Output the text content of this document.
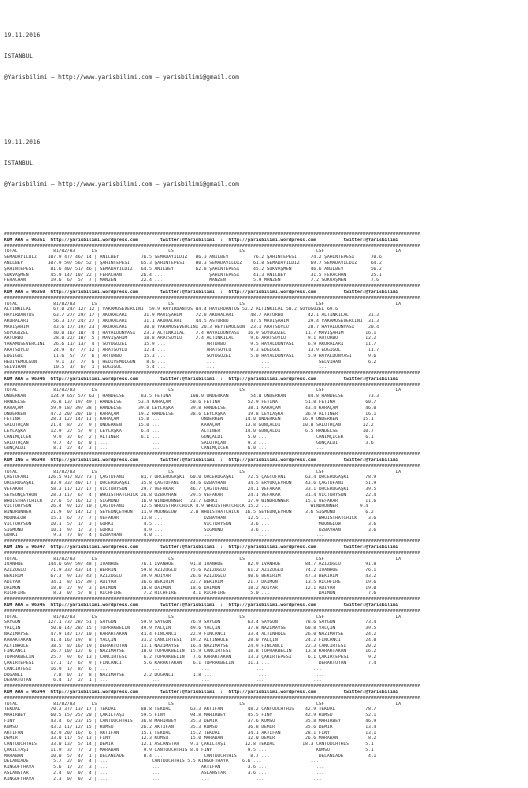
19.11.2016

İSTANBUL

@Yarisbilimi — http://www.yarisbilimi.com — yarisbilimi@gmail.com

19.11.2016

İSTANBUL

@Yarisbilimi — http://www.yarisbilimi.com — yarisbilimi@gmail.com

########################################################################################################################################################
KUM ARA = 96351  http://yarisbilimi.wordpress.com        twitter:@Yarisbilimi  :  http://yarisbilimi.wordpress.com          twitter:@Yarisbilimi
########################################################################################################################################################
TOTAL             81/82/83      LS                          LS                        LS                          LSF                          LA
SEMADAYILDIZ    107.9 47/ 46/ 14 | ANILBEY        76.5 SEMADAYILDIZ   86.3 ANILBEY         76.2 ŞAHİNTEPESİ     74.2 ŞAHİNTEPESİ      70.6
ANILBEY         107.9 59/ 56/ 52 | ŞAHİNTEPESİ    65.3 ŞAHİNTEPESİ    80.3 SEMADAYILDIZ    61.8 SEMADAYILDIZ    69.7 SEMADAYILDIZ     64.2
ŞAHİNTEPESİ      81.6 40/ 51/ 46 | SEMADAYILDIZ   64.5 ANILBEY        62.8 ŞAHİNTEPESİ     45.2 SOKVAŞMEN       46.6 ANILBEY          56.2
SOKVAŞMEN        45.9 14/ 10/ 22 | FERACHAN       26.4 ...                 ŞAHİNTEPESİ     41.3 ANILBEY         31.5 FERACHAN         25.1
FERACHAN         19.6  6/  5/  7 | MANZEN         22.4 ...                 MANZEN          5.9 MANZEN           7.2 SOKVAŞMEN         7.6
########################################################################################################################################################
KUM ARA = 96350  http://yarisbilimi.wordpress.com        twitter:@Yarisbilimi  :  http://yarisbilimi.wordpress.com          twitter:@Yarisbilimi
########################################################################################################################################################
TOTAL             81/82/83      LS                          LS                        LS                          LSF                          LA
ALTINKILAL        67.0 24/ 12/ 12 | YAKAMUSEVERCİNİ  59.9 HAYIRDANTUS 84.4 HAYIRDANTUS 52.2 ALTINKILAL 58.2 SOYOGUZEL 69.6
HAYIRDANTUS       63.7 27/ 29/ 17 | AKURALARI      31.9 MAVİŞAHİM     72.8 AKURALARI      48.7 ARTURBO         42.1 ALTINKILAL       31.3
AKURALARI         56.3 17/ 24/ 27 | AKURALARI      31.1 AKURALARI     44.5 ASTURBO        47.5 MAVİŞAHİM       29.4 YAKAMUSEVERCİNİ  31.3
MAVİŞAHİM         43.6 17/ 19/ 23 | AKURALARI      30.0 YAKAMUSEVERCİNİ 20.3 HEYTEMOLGUN  23.1 ARATSOYLU       28.7 HAYALDUNYASI     20.4
SOYOGUZEL         40.0 16/ 10/  4 | HAYALDUNYASI   23.3 ALTINKILAL    7.4 HAYALDUNYASI   16.9 SOYOGUZEL       11.7 MAVİŞAHİM        16.1
ARTURBO           28.0 22/ 18/  5 | MAVİŞAHİM      18.8 ARATSOYLU     7.4 ALTINKILAL      9.6 ARATSOYLU        9.1 ARTURBO          12.2
YAKAMUSEVERCİNİ   26.6 11/ 13/  4 | SOYOGUZEL      15.9 ...               ARTURBO         9.5 HAYALDUNYASI     6.9 AKURALARI        11.7
ARATSOYLU         24.9  4/  7/ 12 | ARATSOYLU      12.4 ...               ARATSOYLU       9.3 EDGIGUL          13.9 EDGIGUL          11.7
EDGIGUL           11.6  5/  7/  6 | ARTURBO        15.3 ...               SOYOGUZEL       5.0 HAYALDUNYASI     5.9 HAYALDUNYASI      9.6
HEDIYEMOLGUN       9.1  3/  7/  6 | HEDIYEMOLGUN    8.6 ...               ...                 ...                  SELVIHAN          6.2
SELVIHAN          10.5  3/  6/  1 | EDGIGUL         5.4 ...               ...                 ...                  ...
########################################################################################################################################################
KUM ARA = 96346  http://yarisbilimi.wordpress.com        twitter:@Yarisbilimi  :  http://yarisbilimi.wordpress.com          twitter:@Yarisbilimi
########################################################################################################################################################
TOTAL             81/82/83      LS                          LS                        LS                          LSF                          LA
ÖNDERKAN         124.9 65/ 57/ 63 | HANDELSE      83.5 FETİNA       100.0 ÖNDERKAN        54.0 ÖNDERKAN        84.8 HANDELSE         73.3
HANDELSE         76.8 13/ 19/ 49 | HANDELSE      53.4 KARAÇAM       50.6 FETİNA          52.9 FETİNA          51.0 FETİNA           60.7
KARAÇAM          59.9 18/ 39/ 38 | HANDELSE      39.8 LEYLAŞKA      39.8 HANDELSE        38.1 KARAÇAM         43.4 KARAÇAM          46.0
ÖNDERKEN         47.2 20/ 20/ 10 | KARAÇAM       19.2 HANDELSE      38.6 LEYLAŞKA        19.8 LEYLAŞKA        36.9 ALTINER          16.1
FETİNA           28.3 12/ 14/ 11 | KARAÇAM       15.8 ...               ÖNDERKEN        14.0 ÖNDERKEN        16.9 ÖNDERKEN         15.1
SALUTRÇAN        21.4  8/  2/  9 | ÖNDERKEN      15.0 ...               KARAÇAM         13.8 GÜNÇALDI        10.8 SALUTRÇAN        12.2
LEYLAŞKA         12.9  2/  5/  9 | LEYLAŞKA       6.4 ...               ALTINER         14.0 GÜNÇALDI         6.5 HANDELSE         10.7
CANIMÇİCEK        9.9  3/  6/  2 | ALTINER        6.1 ...               GÜNÇALDI         5.0 ...                  CANIMÇİCEK        6.1
SALUTRÇAN         9.7  4/  6/  0 | ...                ...               SALUTRÇAN        9.3 ...                  GÜNÇALDI          3.6
GÜNÇALDI          8.1  2/  4/  3 | ...                ...               CANIMÇİCEK       6.0 ...                  ...
########################################################################################################################################################
KUM ING = 96348  http://yarisbilimi.wordpress.com        twitter:@Yarisbilimi  :  http://yarisbilimi.wordpress.com          twitter:@Yarisbilimi
########################################################################################################################################################
TOTAL             81/82/83      LS                          LS                        LS                          LSF                          LA
ÇAĞTUFANI       126.5 91/ 82/ 73 | ÇAĞTUFANI      81.7 ÖRCERUGAŞKI  60.0 ÖRCERUGAŞKI     72.5 ÇAĞTUFANI       63.4 ÖRCERUGAŞKI      78.9
ÖRCERUGAŞKI      83.9 33/ 40/ 17 | ÖRCERUGAŞKI    35.8 ÇAĞTUFANI    44.6 OZBAYHAN        34.5 ERYUKÇEYHUN     43.6 ÇAĞTUFANI        51.9
VEFAKAR          58.3 11/ 12/ 17 | VICTORYSON     29.7 VEFAKAR      46.7 ÇAĞTUFANI       24.1 VEFAKAR         33.1 ÖRCERUGAŞKI      39.5
SEYEUNÇEYHUN     28.3 11/  6/  4 | WHOISTHATCHICK 26.8 OZBAYHAN     29.5 VEFAKAR         24.1 VEFAKAR         31.4 VICTORYSON       22.4
WHOISTHATCHICK   27.6  5/ 16/ 12 | SIGMUND        16.9 WINDRUNNER   23.7 GORKI           17.9 WINDRUNNER      15.1 VEFAKAR          11.6
VICTORYSON       26.4  9/ 12/ 10 | ÇAĞTUFANI      12.5 WHOISTHATCHICK 4.9 WHOISTHATCHICK 15.2 ...               WINDRUNNER        9.4
WINDRUNNER       21.9  0/ 14/ 12 | SEYEUNÇEYHUN   11.9 MOONGLOW     2.0 WHOISTHATCHICK  16.5 SEYEUNÇEYHUN     3.6 SIGMUND           6.2
MOONGLOW         15.1  6/  7/  7 | VEFAKAR        11.8 ...               OZBAYHAN        12.5 ...                  WHOISTHATCHICK    3.6
VICTORYSON       10.1  5/  1/  3 | GORKI           4.5 ...               VICTORYSON       3.6 ...                  MOONGLOW          3.6
SIGMUND          10.1  9/  1/  3 | GORKI           4.9 ...               SIGMUND          3.6 ...                  OZBAYHAN          3.6
GORKI             9.3  7/  0/  4 | OZBAYHAN        4.0 ...               ...                 ...                  ...
########################################################################################################################################################
KUM ING = 96347  http://yarisbilimi.wordpress.com        twitter:@Yarisbilimi  :  http://yarisbilimi.wordpress.com          twitter:@Yarisbilimi
########################################################################################################################################################
TOTAL             81/82/83      LS                          LS                        LS                          LSF                          LA
IVANHOE         144.6 69/ 59/ 48 | IVANHOE        76.1 IVANHOE      91.8 IVANHOE         82.9 IVANHOE         84.7 AZIZOĞLU         91.8
AZIZOĞLU         71.9 33/ 43/ 14 | BERRIN         59.8 AZIZOĞLU     75.6 AZIZOĞLU        61.2 AZIZOĞLU        74.2 IVANHOE          76.1
BEKİRİM          67.3  9/ 13/ 43 | AZIZOĞLU       39.9 ADIYAR       26.6 AZIZOĞLU        40.6 BEKİRİM         47.3 BEKİRİM          43.2
ADIYAR           34.1  8/ 15/ 39 | ADIYAR         36.6 BEKİRİM      22.7 BEKİRİM         21.7 DAIMON          13.5 RICHFIRE         19.6
DAIMON           18.0  2/  9/  3 | DAIMON         10.8 DAIMON       18.6 DAIMON          18.2 ADIYAR          12.1 ADIYAR           19.0
RICHFIRE          8.3  0/  5/  8 | RICHFIRE        7.2 RICHFIRE      4.1 RICHFIRE         5.0 ...                  DAIMON            7.6
########################################################################################################################################################
KUM ARA = 96345  http://yarisbilimi.wordpress.com        twitter:@Yarisbilimi  :  http://yarisbilimi.wordpress.com          twitter:@Yarisbilimi
########################################################################################################################################################
TOTAL             81/82/83      LS                          LS                        LS                          LSF                          LA
SAYGON          127.1 73/ 28/ 51 | SAYGON         59.9 SAYGON       76.9 SAYGON          63.4 SAYGON          78.6 SAYGON           73.4
YALÇIN           50.0 14/ 28/ 15 | TOPRAKBELİN    49.9 YALÇIN       49.6 YALÇIN          37.8 NAZIMAYSE       60.8 YALÇIN           39.5
NAZIMAYSE        47.9 14/ 17/ 10 | KARAKTAKAN     41.4 FINCANCI     22.9 FINCANCI        33.4 ALTINHOLE       26.0 NAZIMAYSE        24.2
KARAKTAKAN       41.4 16/ 19/  8 | YALÇIN         31.2 CANCIRTESI   19.2 ALTINHOLE       28.0 YALÇIN          24.2 FINCANCI         24.0
ALTINHOLE        38.5  8/ 16/ 19 | DERAKTUTAN     11.1 NAZIMAYSE    16.4 NAZIMAYSE       24.9 FINCANCI        22.3 CANCIRTESI       20.2
FINCANCI         26.7 10/ 12/  6 | NAZIMAYSE      18.0 TOPRAKBELİN  15.9 CANCIRTESI      18.8 TOPRAKBELİN     13.8 KARAKTAKAN       16.2
TOPRAKBELİN      25.7  9/  6/ 13 | CANCIRTESI      6.2 TOPRAKBELİN   7.6 KARAKTAKAN      13.3 ÇAKIRTEPESİ      6.1 ÇAKIRTEPESİ       9.2
ÇAKIRTEPESİ      17.1  1/  6/  9 | FINCANCI        5.6 KARAKTAKAN    6.1 TOPRAKBELİN     11.1 ...                  DERAKTUTAN        7.4
CANCIRTESI       16.9  1/  8/  6 | ...                ...               ...                 ...                  ...
DOĞANLI           7.8  0/  1/  8 | NAZIMAYSE       2.2 DOĞANLI       1.8 ...                 ...                  ...
DERAKTUTAN        6.4  1/  2/  1 | ...                ...               ...                 ...                  ...
########################################################################################################################################################
KUM ARA = 96344  http://yarisbilimi.wordpress.com        twitter:@Yarisbilimi  :  http://yarisbilimi.wordpress.com          twitter:@Yarisbilimi
########################################################################################################################################################
TOTAL             81/82/83      LS                          LS                        LS                          LSF                          LA
TEKDAL           70.3 37/ 13/ 17 | TEKDAL         88.8 TEKDAL       63.3 AKTIFAN         48.2 CANTOUCHTHIS    42.9 TEKDAL           78.7
MAHIRBEY         60.5 15/ 25/ 20 | ÇAKILTAŞI      59.5 FINY         94.8 MAHIRBEY        45.5 FINY            42.9 KUMSU            52.1
FINY             43.4  6/ 23/ 15 | CANTOUCHTHIS   36.8 MAHIRBEY     35.3 DEMIR           37.6 KUMSU           35.8 MAHIRBEY         46.9
KUMSU            43.2 11/ 12/ 15 | KUMSU          26.2 AKTIFAN      35.3 KUMSU           36.8 DEMIR           35.6 DEMIR            13.4
AKTIFAN          42.9 20/ 16/  6 | AKTIFAN        15.1 TEKDAL       15.2 TEKDAL          34.1 AKTIFAN         28.1 FINY             13.1
DEMIR            33.0 11/  5/ 13 | FINY           12.3 KUMSU        15.0 MARABAN         12.0 DEMIR           26.6 MARABAN           8.2
CANTOUCHTHIS     33.0 13/  5/ 14 | DEMIR          12.1 ASLANSTAR    9.1 ÇAKILTAŞI       12.8 TEKDAL          18.3 CANTOUCHTHIS      5.1
ÇAKILTAŞI        11.9  3/  7/  2 | MARABAN         9.9 CANTOUCHTHIS 8.4 FINY             9.5 ...                  KUMSU             5.1
MARABAN          10.0  5/  4/  1 | DELANIADE       8.4 ...               CANTOUCHTHIS     8.7 ...                  DELANIADE         4.1
DELANIADE         5.7  2/  0/  4 | ...                CANTOUCHTHIS 5.5 KINGOFTHAYA     6.6 ...                  ...
KINGOFTHAYA       5.6  1/  2/  3 | ...                ...               AKTIFAN          3.6 ...                  ...
ASLANSTAR         2.4  0/  0/  4 | ...                ...               ASLANSTAR        3.6 ...                  ...
KINGOFTHAYA       2.3  0/  0/  2 | ...                ...               ...                 ...                  ...
